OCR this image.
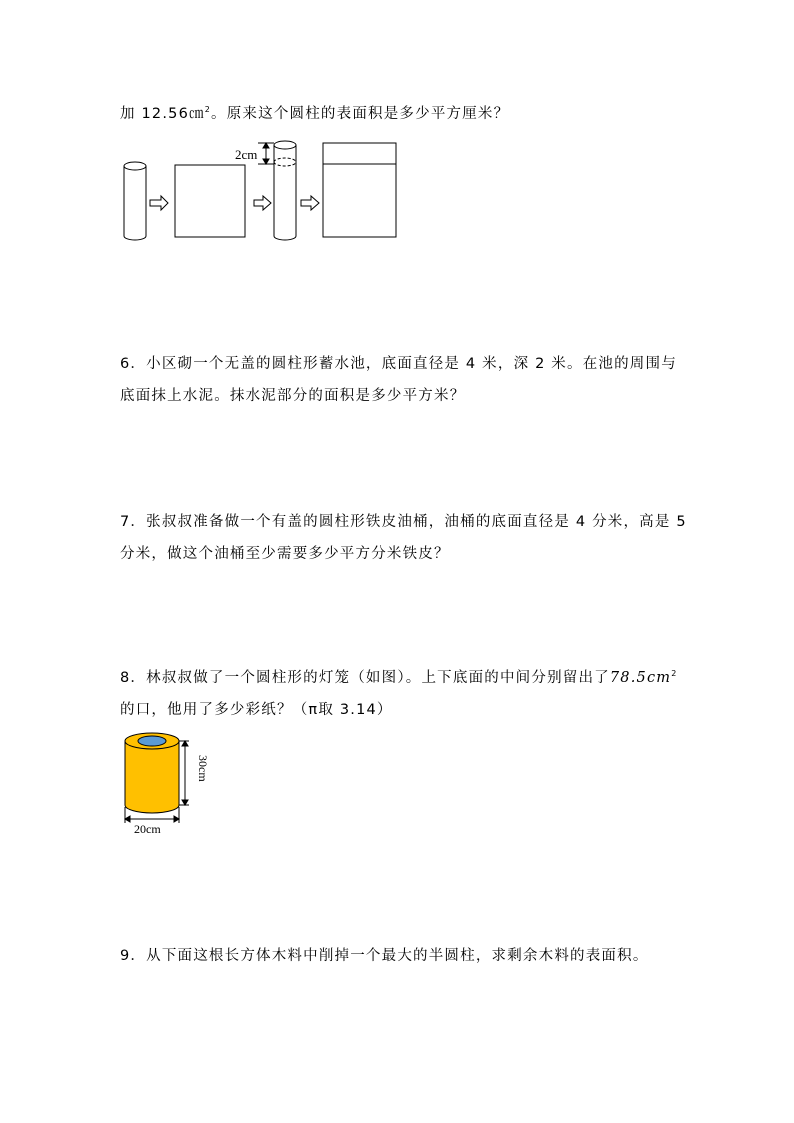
加 12.56㎝$^2$。原来这个圆柱的表面积是多少平方厘米？
2cm
6．小区砌一个无盖的圆柱形蓄水池，底面直径是 4 米，深 2 米。在池的周围与
底面抹上水泥。抹水泥部分的面积是多少平方米？
7．张叔叔准备做一个有盖的圆柱形铁皮油桶，油桶的底面直径是 4 分米，高是 5
分米，做这个油桶至少需要多少平方分米铁皮？
8．林叔叔做了一个圆柱形的灯笼（如图）。上下底面的中间分别留出了$78.5cm^2$
的口，他用了多少彩纸？（π取 3.14）
30cm
20cm
9．从下面这根长方体木料中削掉一个最大的半圆柱，求剩余木料的表面积。
